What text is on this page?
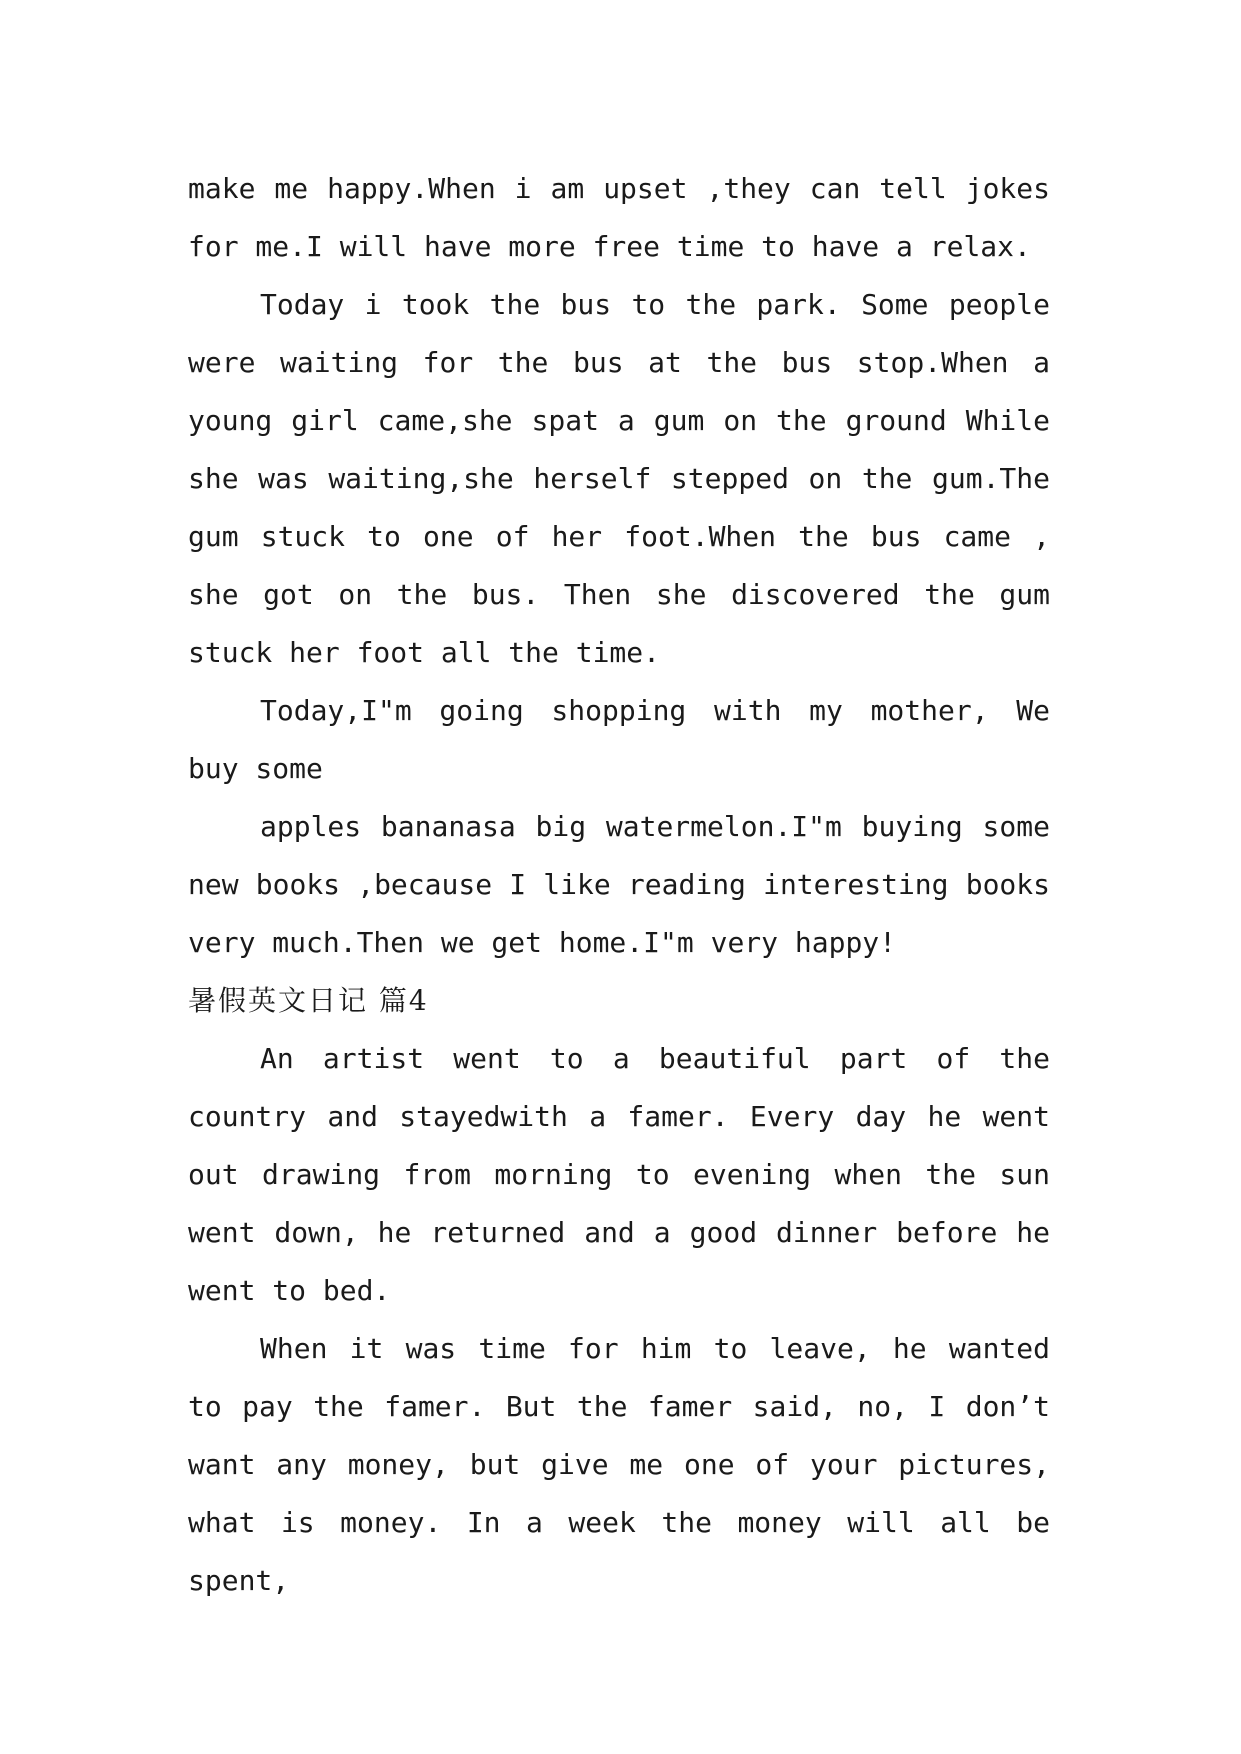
make me happy.When i am upset ,they can tell jokes for me.I will have more free time to have a relax.

Today i took the bus to the park. Some people were waiting for the bus at the bus stop.When a young girl came,she spat a gum on the ground While she was waiting,she herself stepped on the gum.The gum stuck to one of her foot.When the bus came , she got on the bus. Then she discovered the gum stuck her foot all the time.

Today,I"m going shopping with my mother, We buy some

apples bananasa big watermelon.I"m buying some new books ,because I like reading interesting books very much.Then we get home.I"m very happy!

暑假英文日记 篇4

An artist went to a beautiful part of the country and stayedwith a famer. Every day he went out drawing from morning to evening when the sun went down, he returned and a good dinner before he went to bed.

When it was time for him to leave, he wanted to pay the famer. But the famer said, no, I don’t want any money, but give me one of your pictures, what is money. In a week the money will all be spent,
